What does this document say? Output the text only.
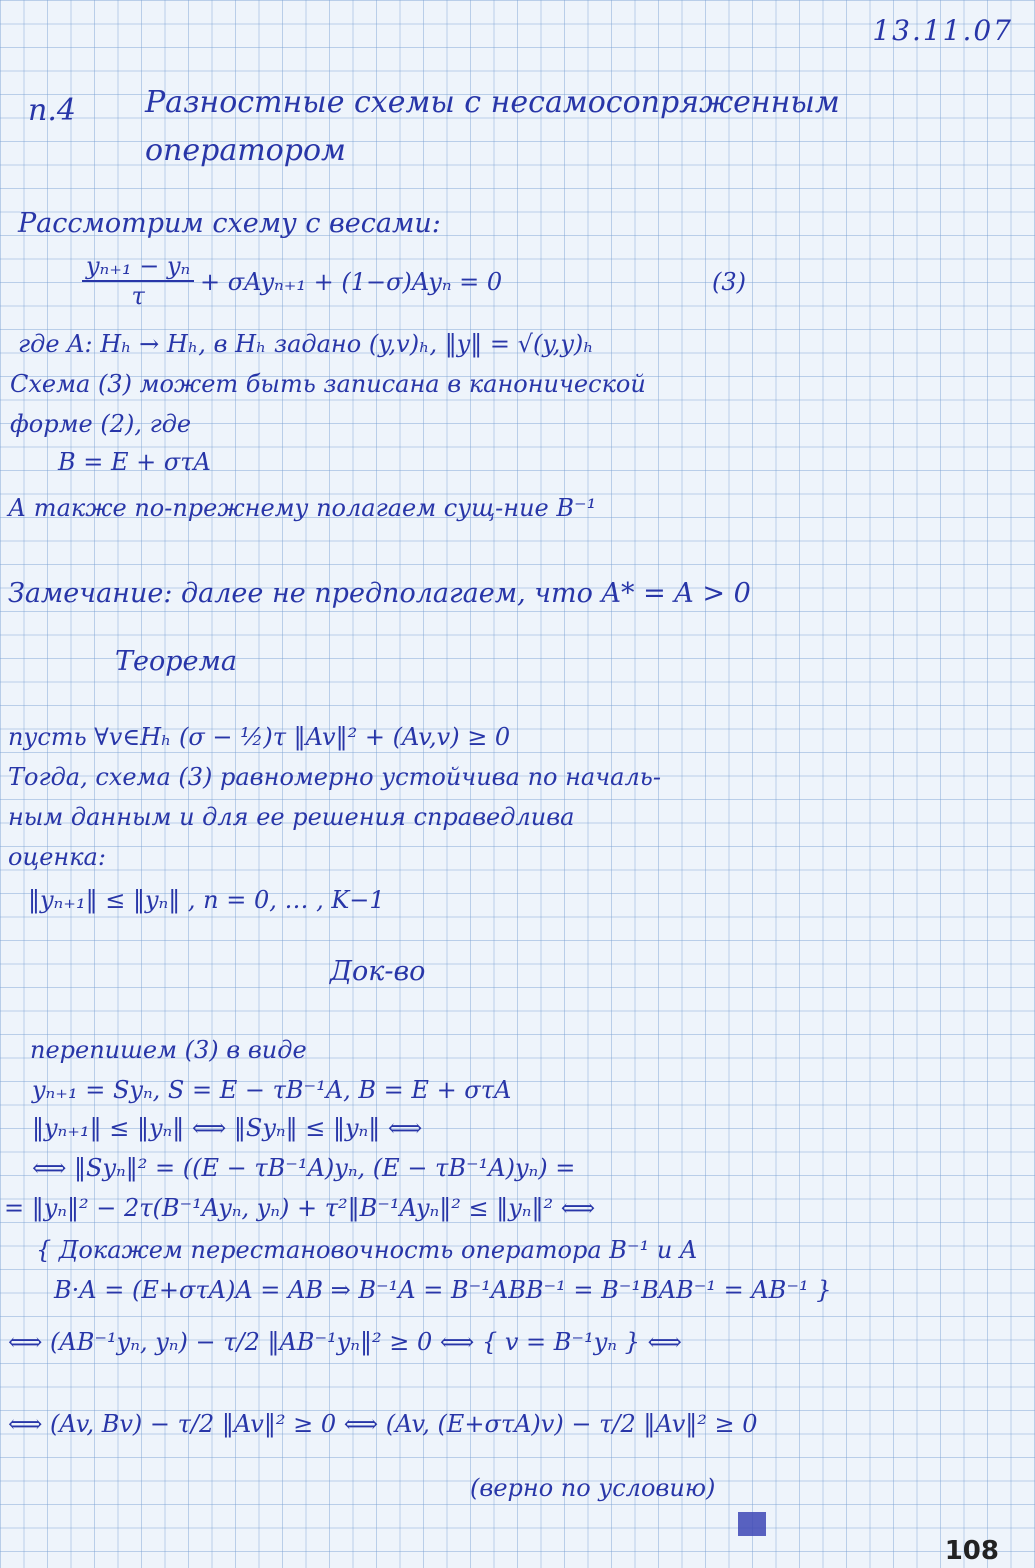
13.11.07
п.4 Разностные схемы с несамосопряженным
оператором
Рассмотрим схему с весами:
$\frac{\text{yₙ₊₁ − yₙ}}{\tau} + \sigma Ay_{n+1} + (1-\sigma)Ay_n = 0$	(3)
где A: Hₕ → Hₕ, в Hₕ задано (y,v)ₕ, ‖y‖ = √(y,y)ₕ
Схема (3) может быть записана в канонической
форме (2), где
B = E + στA
А также по-прежнему полагаем сущ-ние B⁻¹
Замечание: далее не предполагаем, что A* = A > 0
Теорема
пусть ∀v∈Hₕ (σ − ½)τ ‖Av‖² + (Av,v) ≥ 0
Тогда, схема (3) равномерно устойчива по началь-
ным данным и для ее решения справедлива
оценка:
‖yₙ₊₁‖ ≤ ‖yₙ‖ , n = 0, … , K−1
Док-во
перепишем (3) в виде
yₙ₊₁ = Syₙ, S = E − τB⁻¹A, B = E + στA
‖yₙ₊₁‖ ≤ ‖yₙ‖ ⟺ ‖Syₙ‖ ≤ ‖yₙ‖ ⟺
⟺ ‖Syₙ‖² = ((E − τB⁻¹A)yₙ, (E − τB⁻¹A)yₙ) =
= ‖yₙ‖² − 2τ(B⁻¹Ayₙ, yₙ) + τ²‖B⁻¹Ayₙ‖² ≤ ‖yₙ‖² ⟺
{ Докажем перестановочность оператора B⁻¹ и A
B·A = (E+στA)A = AB ⇒ B⁻¹A = B⁻¹ABB⁻¹ = B⁻¹BAB⁻¹ = AB⁻¹ }
⟺ (AB⁻¹yₙ, yₙ) − τ/2 ‖AB⁻¹yₙ‖² ≥ 0 ⟺ { v = B⁻¹yₙ } ⟺
⟺ (Av, Bv) − τ/2 ‖Av‖² ≥ 0 ⟺ (Av, (E+στA)v) − τ/2 ‖Av‖² ≥ 0
(верно по условию)
108
